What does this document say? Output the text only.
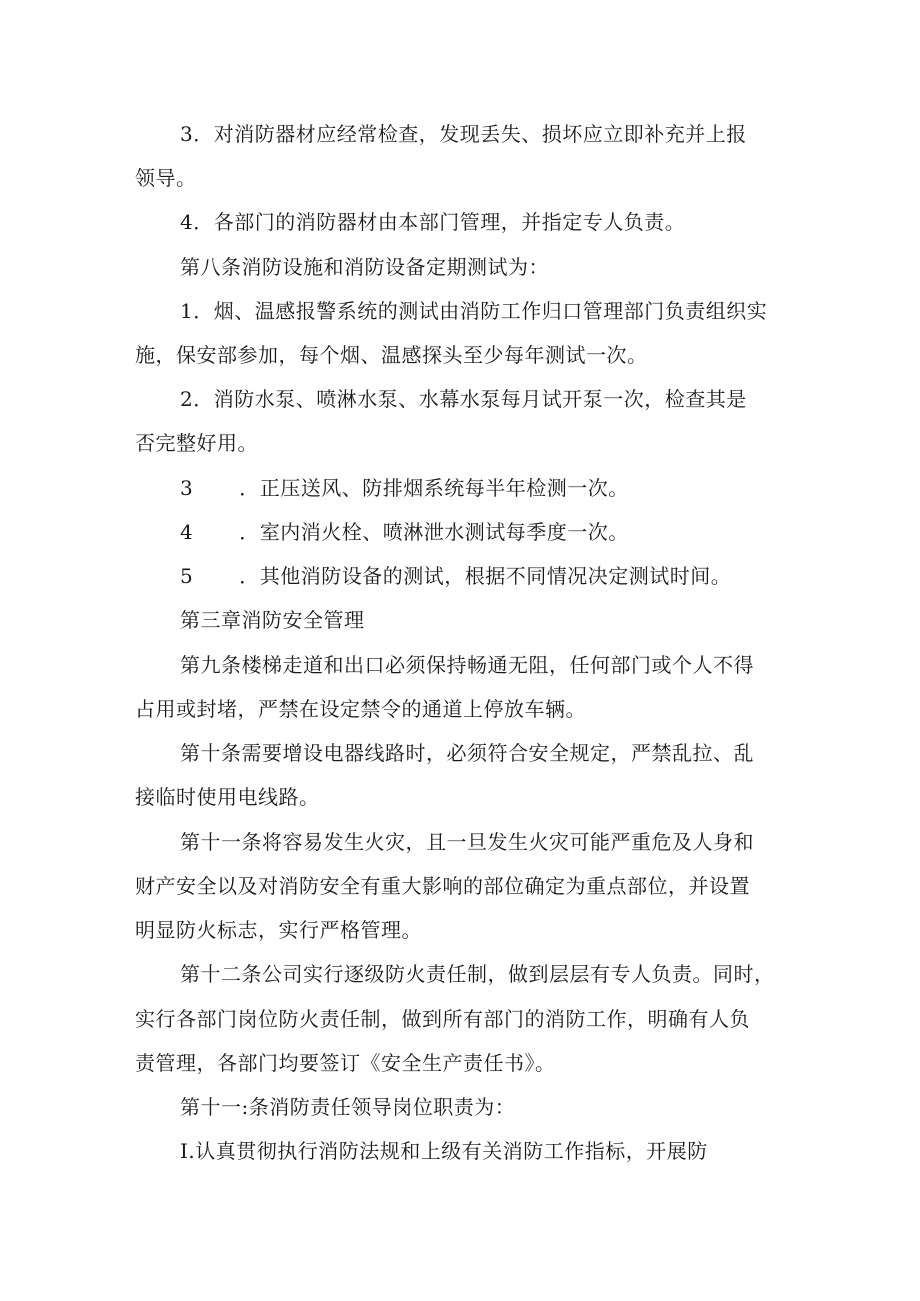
3．对消防器材应经常检查，发现丢失、损坏应立即补充并上报
领导。
4．各部门的消防器材由本部门管理，并指定专人负责。
第八条消防设施和消防设备定期测试为：
1．烟、温感报警系统的测试由消防工作归口管理部门负责组织实
施，保安部参加，每个烟、温感探头至少每年测试一次。
2．消防水泵、喷淋水泵、水幕水泵每月试开泵一次，检查其是
否完整好用。
3 ．正压送风、防排烟系统每半年检测一次。
4 ．室内消火栓、喷淋泄水测试每季度一次。
5 ．其他消防设备的测试，根据不同情况决定测试时间。
第三章消防安全管理
第九条楼梯走道和出口必须保持畅通无阻，任何部门或个人不得
占用或封堵，严禁在设定禁令的通道上停放车辆。
第十条需要增设电器线路时，必须符合安全规定，严禁乱拉、乱
接临时使用电线路。
第十一条将容易发生火灾，且一旦发生火灾可能严重危及人身和
财产安全以及对消防安全有重大影响的部位确定为重点部位，并设置
明显防火标志，实行严格管理。
第十二条公司实行逐级防火责任制，做到层层有专人负责。同时，
实行各部门岗位防火责任制，做到所有部门的消防工作，明确有人负
责管理，各部门均要签订《安全生产责任书》。
第十一:条消防责任领导岗位职责为：
I.认真贯彻执行消防法规和上级有关消防工作指标，开展防
